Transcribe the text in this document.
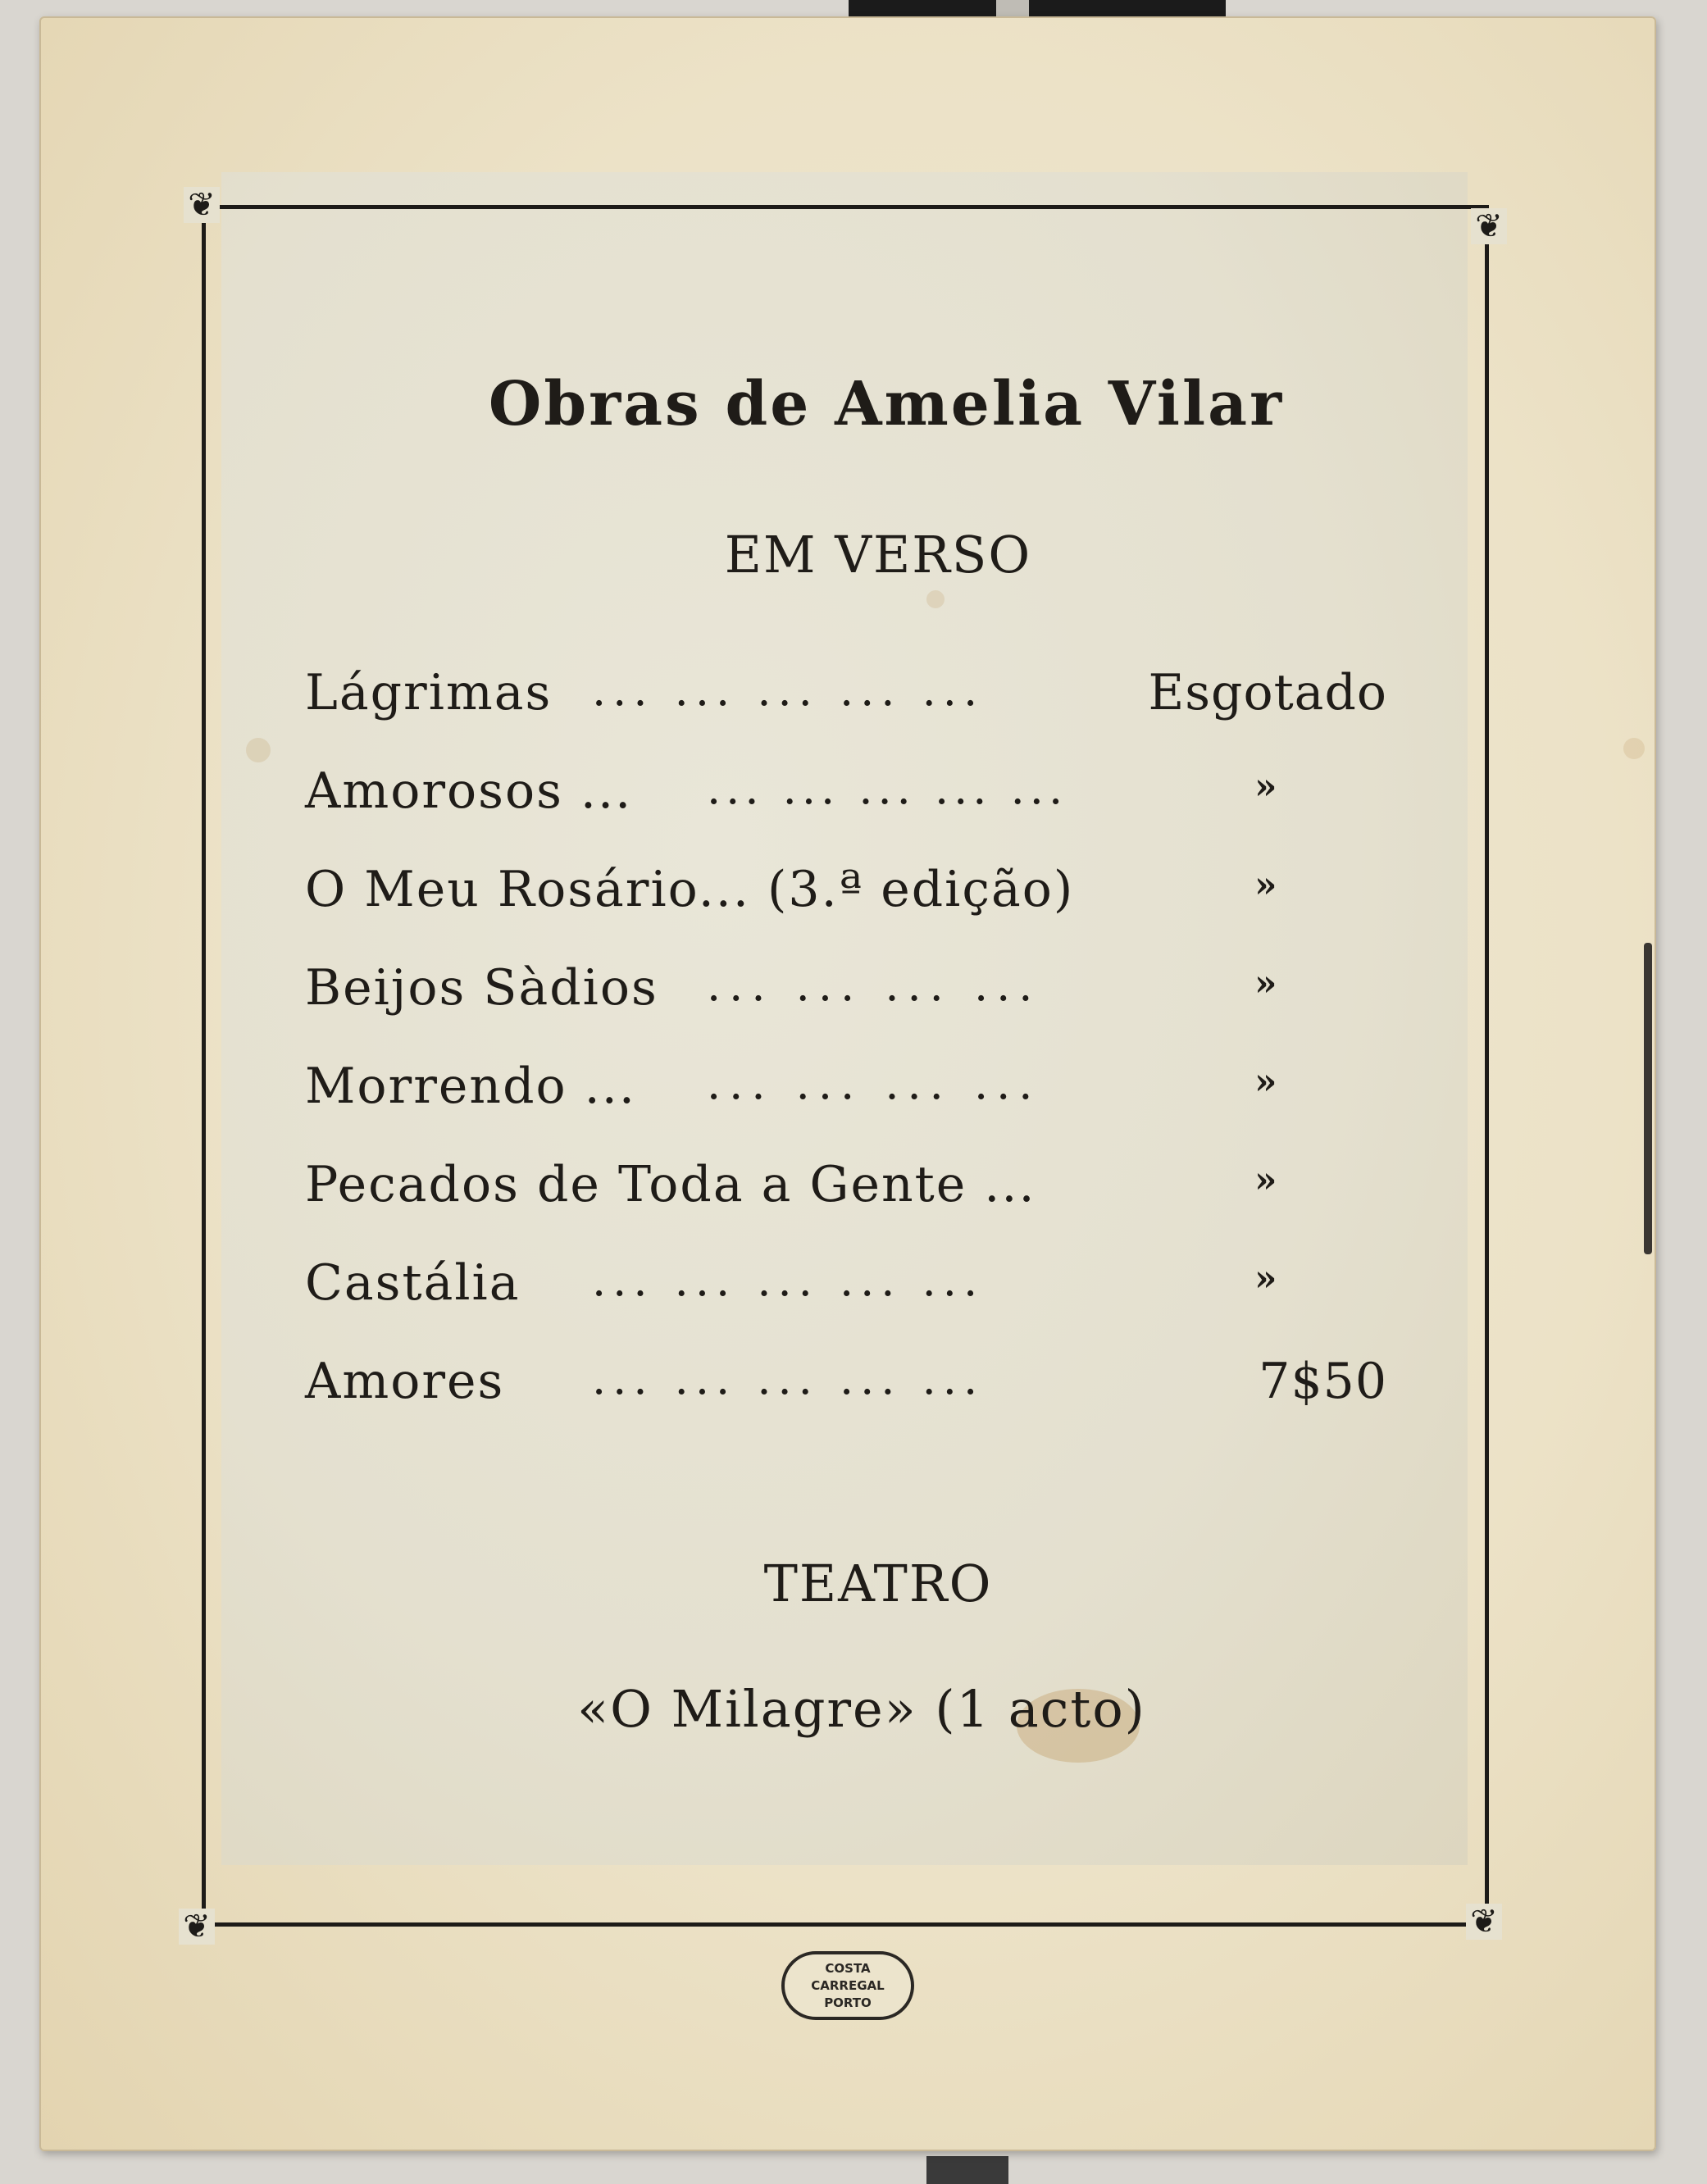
❦
❦
❦	❦
Obras de Amelia Vilar
EM VERSO
Lágrimas ... ... ... ... ...	Esgotado
Amorosos ... ... ... ... ... ...	»
O Meu Rosário... (3.ª edição)	»
Beijos Sàdios ... ... ... ...	»
Morrendo ... ... ... ... ...	»
Pecados de Toda a Gente ...	»
Castália ... ... ... ... ...	»
Amores ... ... ... ... ...	7$50
TEATRO
«O Milagre» (1 acto)
COSTA
CARREGAL
PORTO
